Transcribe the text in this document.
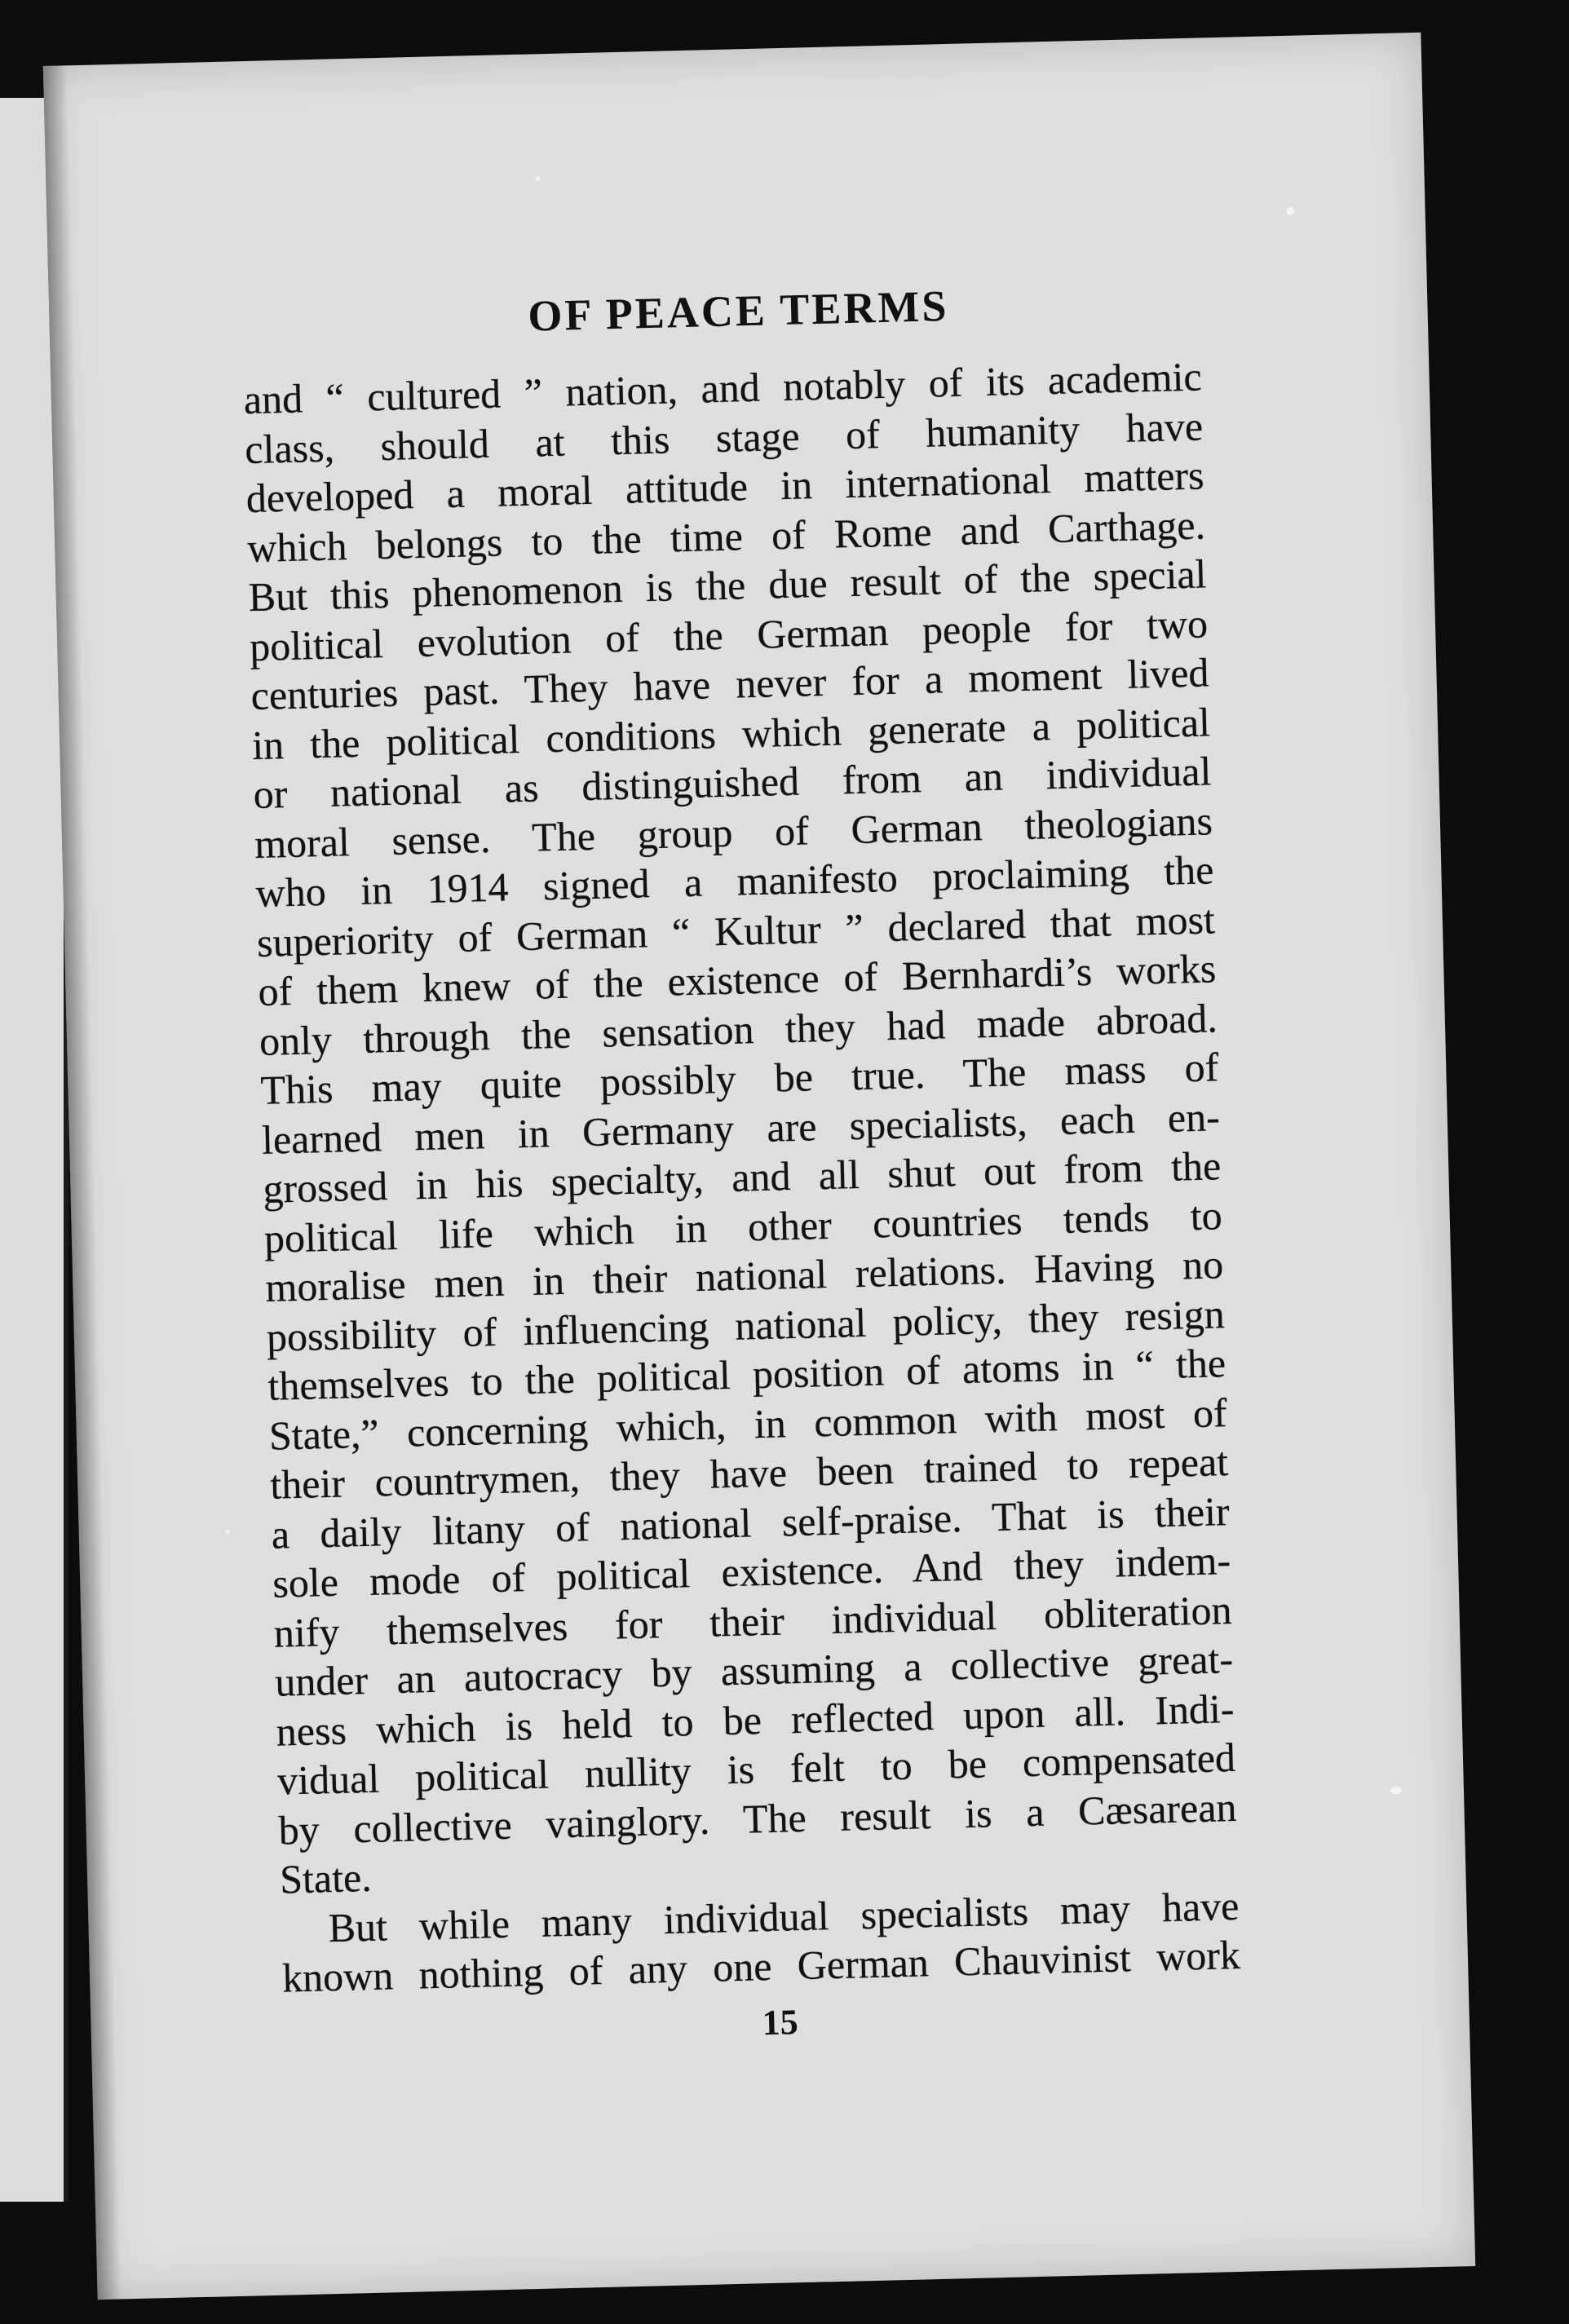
OF PEACE TERMS

and “ cultured ” nation, and notably of its academic
class, should at this stage of humanity have
developed a moral attitude in international matters
which belongs to the time of Rome and Carthage.
But this phenomenon is the due result of the special
political evolution of the German people for two
centuries past. They have never for a moment lived
in the political conditions which generate a political
or national as distinguished from an individual
moral sense. The group of German theologians
who in 1914 signed a manifesto proclaiming the
superiority of German “ Kultur ” declared that most
of them knew of the existence of Bernhardi’s works
only through the sensation they had made abroad.
This may quite possibly be true. The mass of
learned men in Germany are specialists, each en-
grossed in his specialty, and all shut out from the
political life which in other countries tends to
moralise men in their national relations. Having no
possibility of influencing national policy, they resign
themselves to the political position of atoms in “ the
State,” concerning which, in common with most of
their countrymen, they have been trained to repeat
a daily litany of national self-praise. That is their
sole mode of political existence. And they indem-
nify themselves for their individual obliteration
under an autocracy by assuming a collective great-
ness which is held to be reflected upon all. Indi-
vidual political nullity is felt to be compensated
by collective vainglory. The result is a Cæsarean
State.

But while many individual specialists may have
known nothing of any one German Chauvinist work

15
